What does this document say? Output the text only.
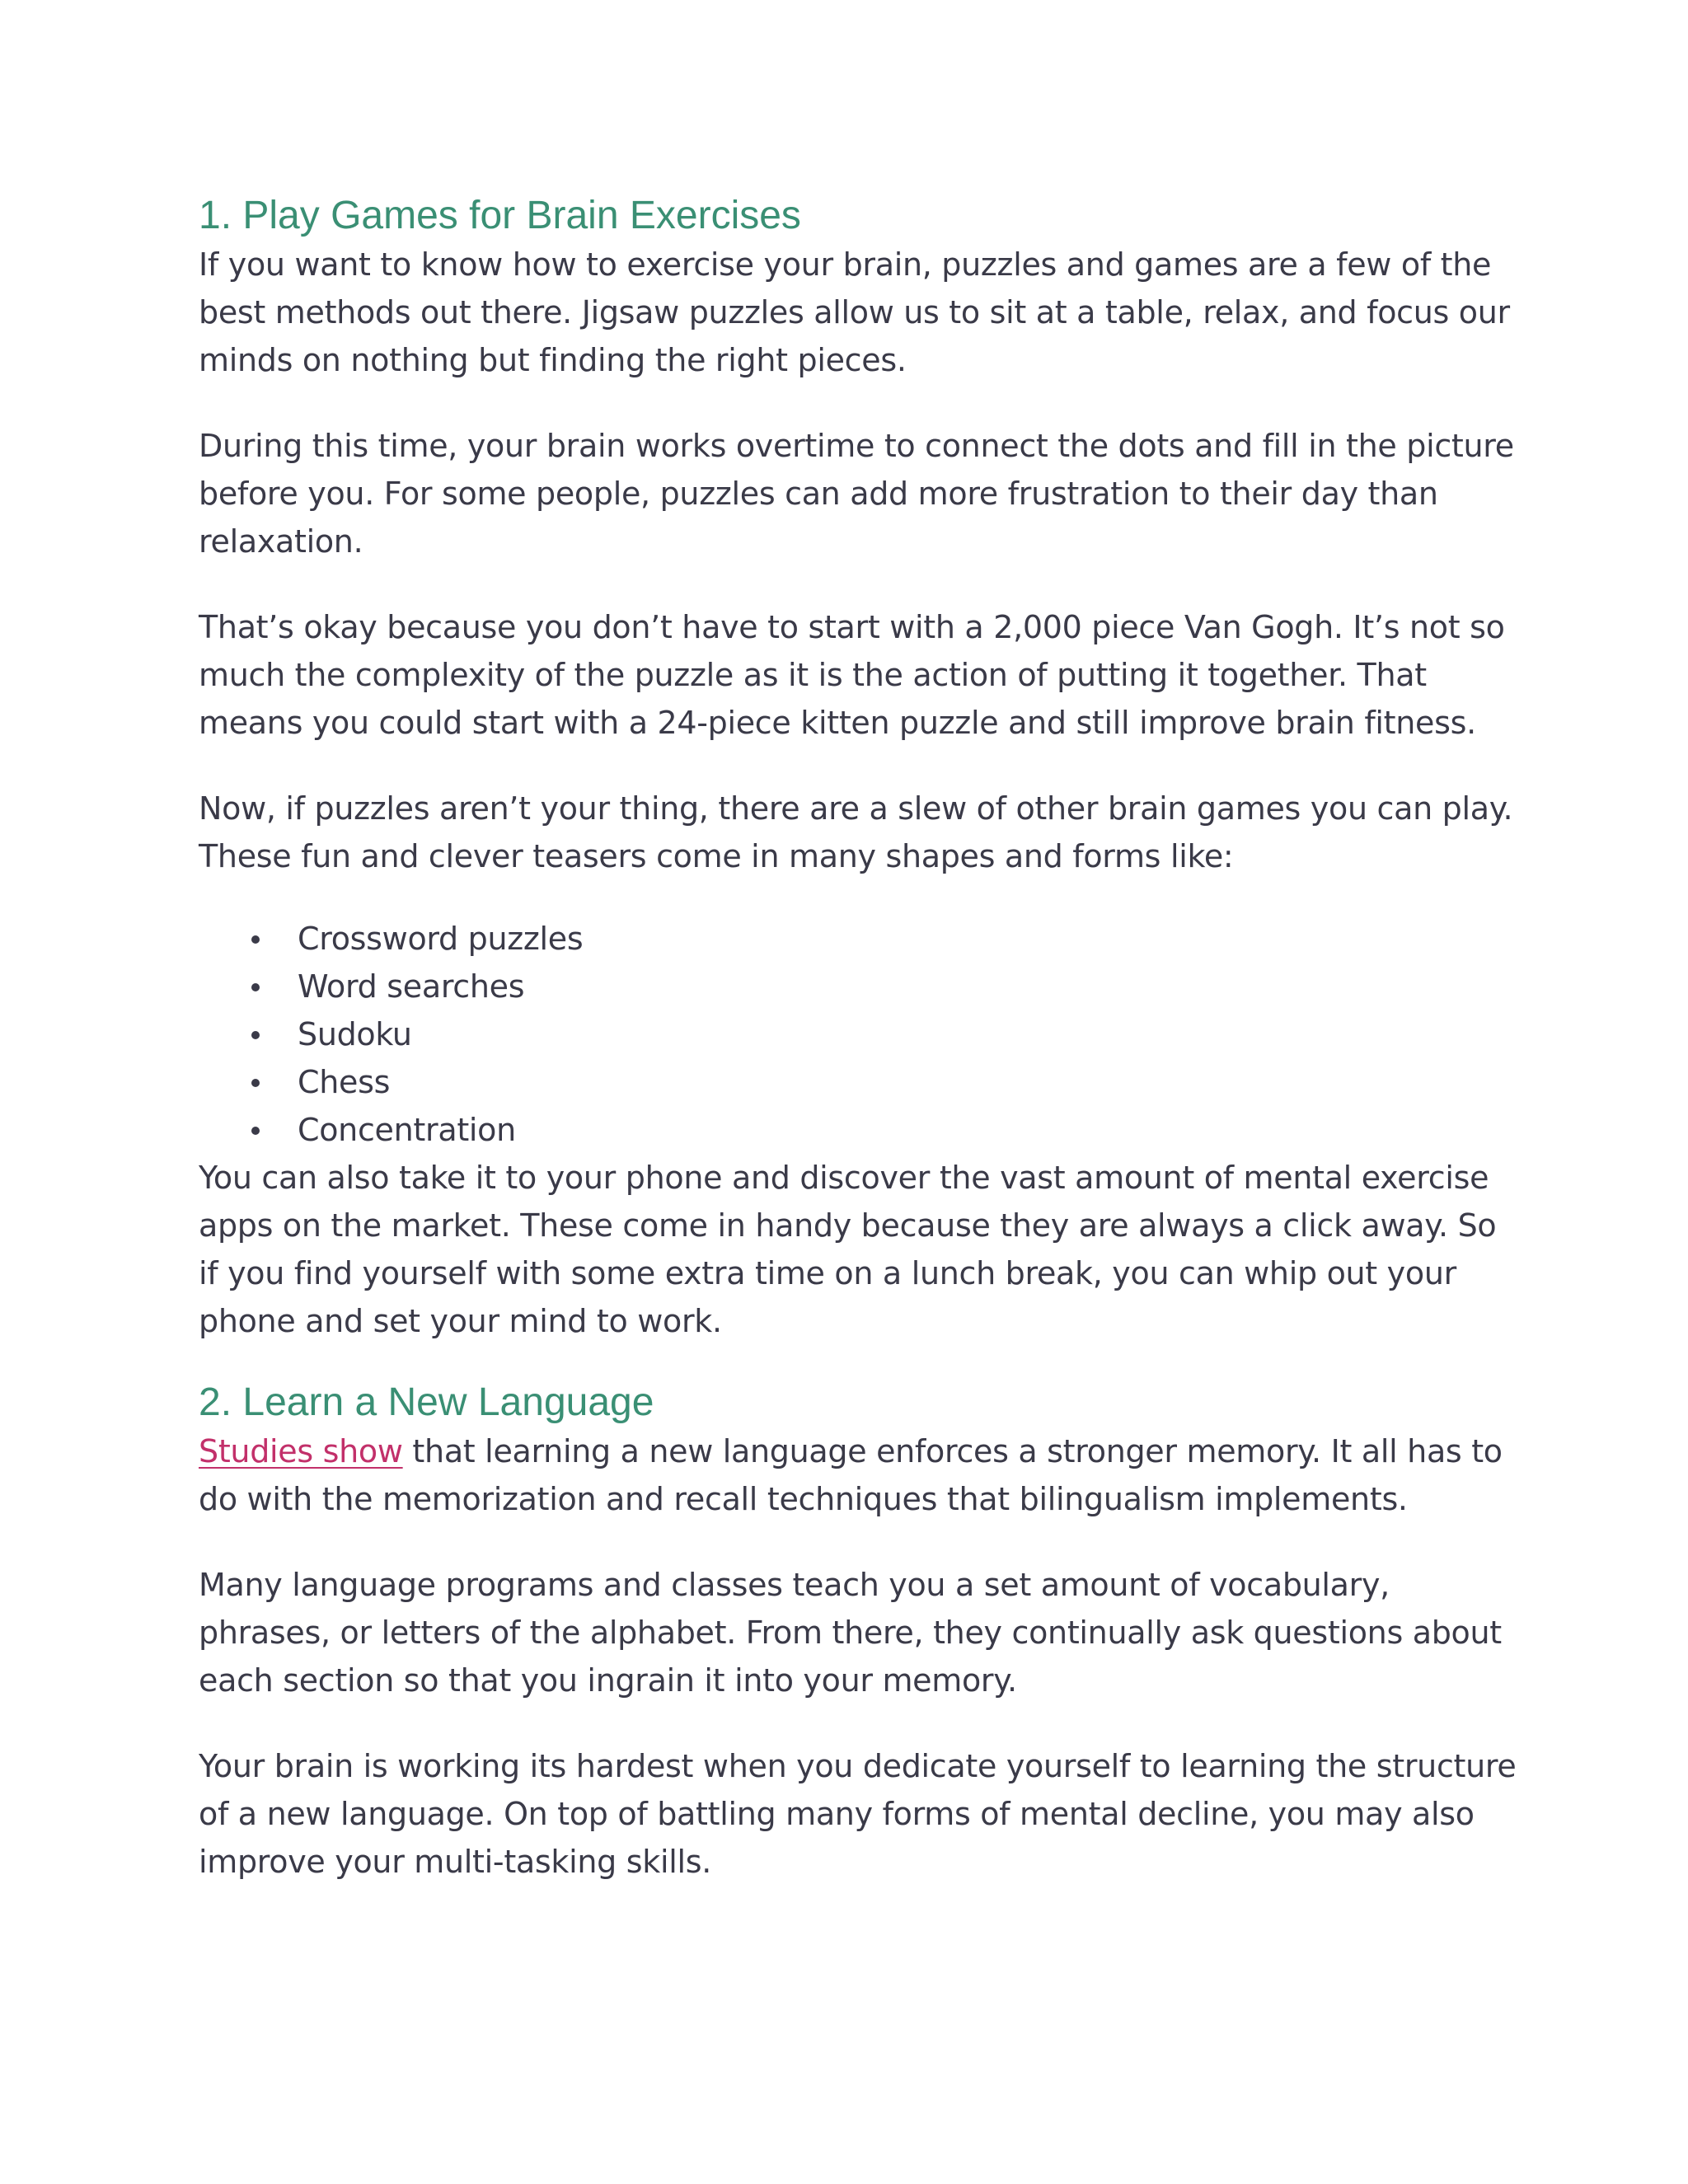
1. Play Games for Brain Exercises

If you want to know how to exercise your brain, puzzles and games are a few of the best methods out there. Jigsaw puzzles allow us to sit at a table, relax, and focus our minds on nothing but finding the right pieces.

During this time, your brain works overtime to connect the dots and fill in the picture before you. For some people, puzzles can add more frustration to their day than relaxation.

That’s okay because you don’t have to start with a 2,000 piece Van Gogh. It’s not so much the complexity of the puzzle as it is the action of putting it together. That means you could start with a 24-piece kitten puzzle and still improve brain fitness.

Now, if puzzles aren’t your thing, there are a slew of other brain games you can play. These fun and clever teasers come in many shapes and forms like:

Crossword puzzles
Word searches
Sudoku
Chess
Concentration

You can also take it to your phone and discover the vast amount of mental exercise apps on the market. These come in handy because they are always a click away. So if you find yourself with some extra time on a lunch break, you can whip out your phone and set your mind to work.

2. Learn a New Language

Studies show that learning a new language enforces a stronger memory. It all has to do with the memorization and recall techniques that bilingualism implements.

Many language programs and classes teach you a set amount of vocabulary, phrases, or letters of the alphabet. From there, they continually ask questions about each section so that you ingrain it into your memory.

Your brain is working its hardest when you dedicate yourself to learning the structure of a new language. On top of battling many forms of mental decline, you may also improve your multi-tasking skills.
